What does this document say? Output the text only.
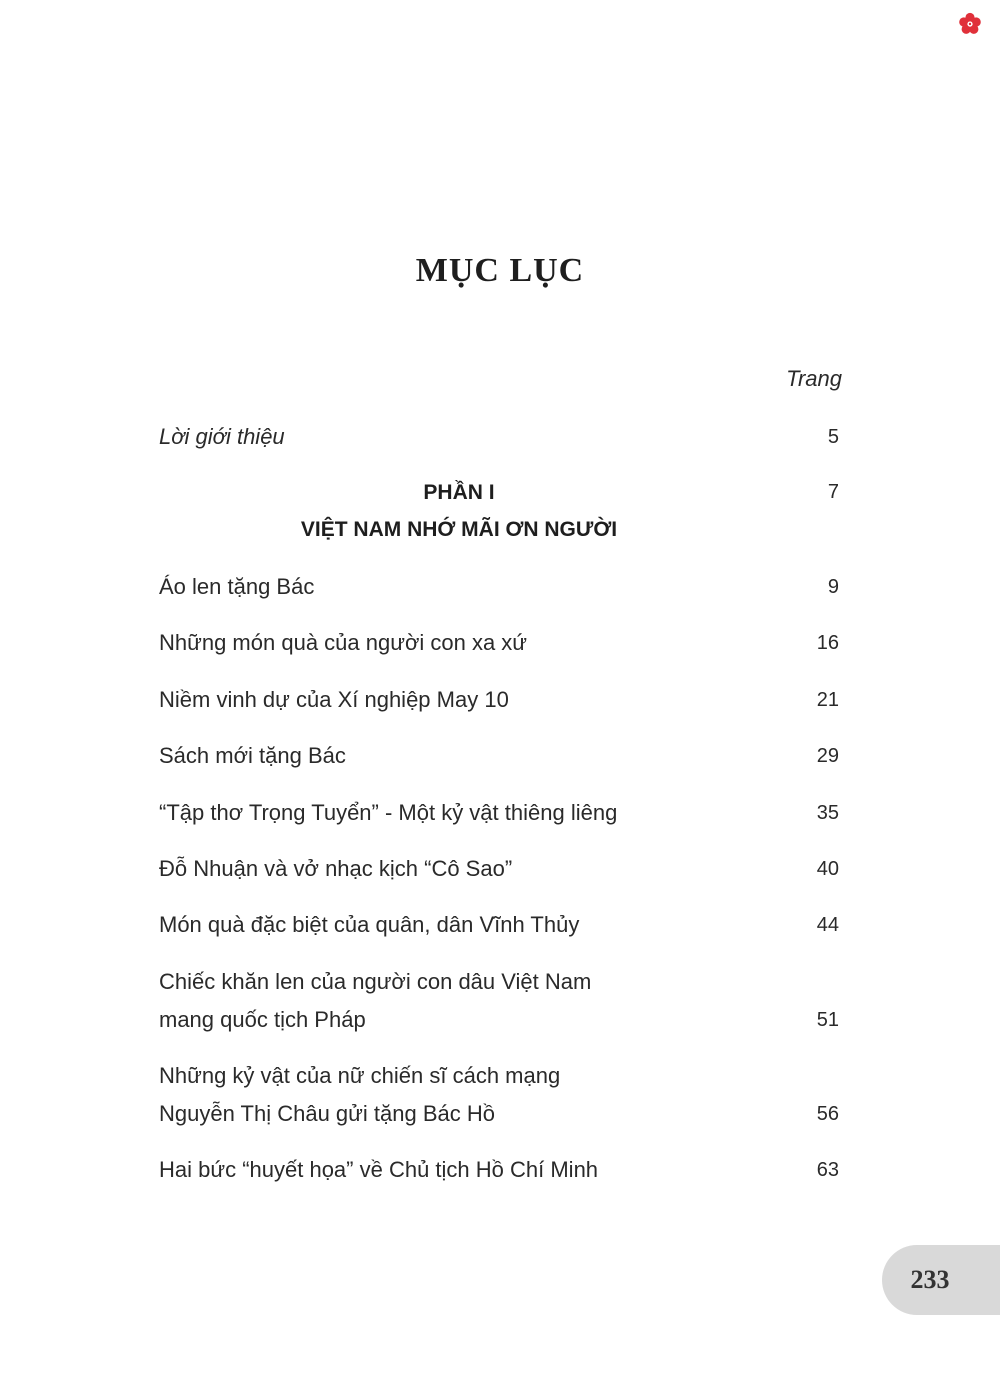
MỤC LỤC
Trang
Lời giới thiệu	5
PHẦN I	7
VIỆT NAM NHỚ MÃI ƠN NGƯỜI
Áo len tặng Bác	9
Những món quà của người con xa xứ	16
Niềm vinh dự của Xí nghiệp May 10	21
Sách mới tặng Bác	29
“Tập thơ Trọng Tuyển” - Một kỷ vật thiêng liêng	35
Đỗ Nhuận và vở nhạc kịch “Cô Sao”	40
Món quà đặc biệt của quân, dân Vĩnh Thủy	44
Chiếc khăn len của người con dâu Việt Nam
mang quốc tịch Pháp	51
Những kỷ vật của nữ chiến sĩ cách mạng
Nguyễn Thị Châu gửi tặng Bác Hồ	56
Hai bức “huyết họa” về Chủ tịch Hồ Chí Minh	63
233
